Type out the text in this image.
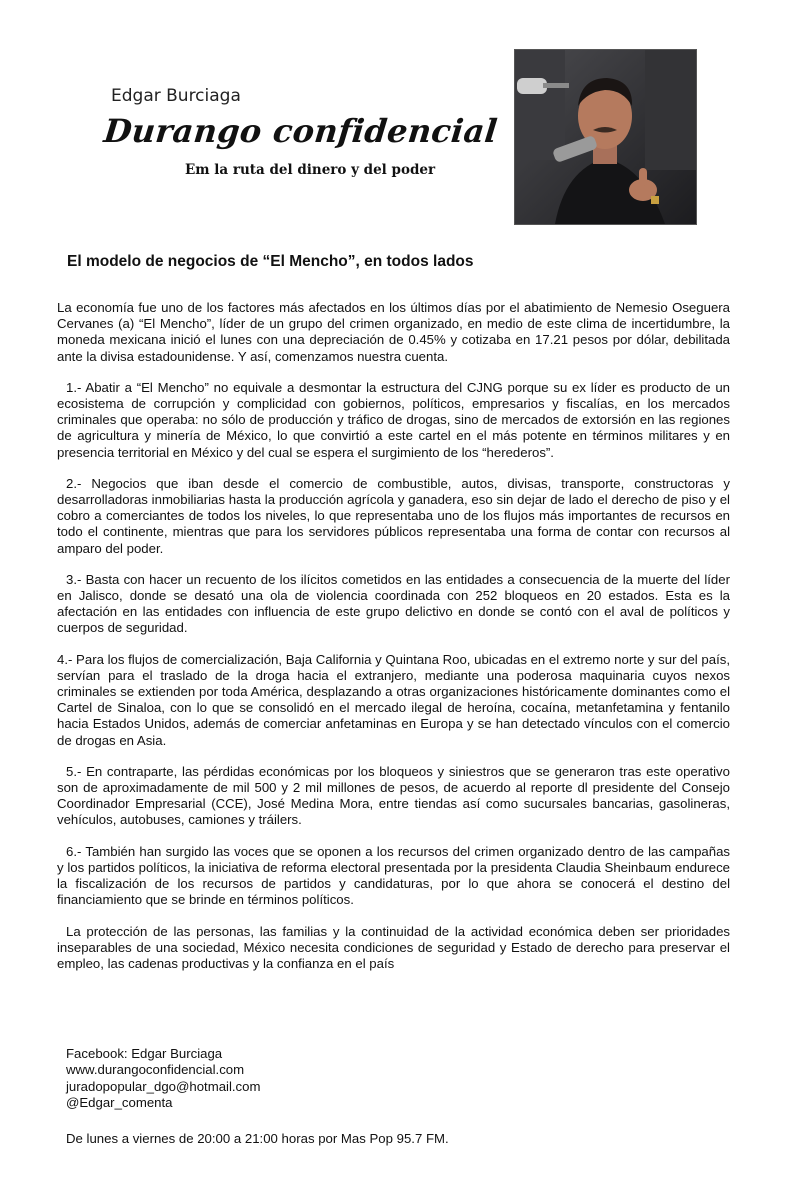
Edgar Burciaga
Durango confidencial
Em la ruta del dinero y del poder
El modelo de negocios de “El Mencho”, en todos lados

La economía fue uno de los factores más afectados en los últimos días por el abatimiento de Nemesio Oseguera Cervanes (a) “El Mencho”, líder de un grupo del crimen organizado, en medio de este clima de incertidumbre, la moneda mexicana inició el lunes con una depreciación de 0.45% y cotizaba en 17.21 pesos por dólar, debilitada ante la divisa estadounidense. Y así, comenzamos nuestra cuenta.

1.- Abatir a “El Mencho” no equivale a desmontar la estructura del CJNG porque su ex líder es producto de un ecosistema de corrupción y complicidad con gobiernos, políticos, empresarios y fiscalías, en los mercados criminales que operaba: no sólo de producción y tráfico de drogas, sino de mercados de extorsión en las regiones de agricultura y minería de México, lo que convirtió a este cartel en el más potente en términos militares y en presencia territorial en México y del cual se espera el surgimiento de los “herederos”.

2.- Negocios que iban desde el comercio de combustible, autos, divisas, transporte, constructoras y desarrolladoras inmobiliarias hasta la producción agrícola y ganadera, eso sin dejar de lado el derecho de piso y el cobro a comerciantes de todos los niveles, lo que representaba uno de los flujos más importantes de recursos en todo el continente, mientras que para los servidores públicos representaba una forma de contar con recursos al amparo del poder.

3.- Basta con hacer un recuento de los ilícitos cometidos en las entidades a consecuencia de la muerte del líder en Jalisco, donde se desató una ola de violencia coordinada con 252 bloqueos en 20 estados. Esta es la afectación en las entidades con influencia de este grupo delictivo en donde se contó con el aval de políticos y cuerpos de seguridad.

4.- Para los flujos de comercialización, Baja California y Quintana Roo, ubicadas en el extremo norte y sur del país, servían para el traslado de la droga hacia el extranjero, mediante una poderosa maquinaria cuyos nexos criminales se extienden por toda América, desplazando a otras organizaciones históricamente dominantes como el Cartel de Sinaloa, con lo que se consolidó en el mercado ilegal de heroína, cocaína, metanfetamina y fentanilo hacia Estados Unidos, además de comerciar anfetaminas en Europa y se han detectado vínculos con el comercio de drogas en Asia.

5.- En contraparte, las pérdidas económicas por los bloqueos y siniestros que se generaron tras este operativo son de aproximadamente de mil 500 y 2 mil millones de pesos, de acuerdo al reporte dl presidente del Consejo Coordinador Empresarial (CCE), José Medina Mora, entre tiendas así como sucursales bancarias, gasolineras, vehículos, autobuses, camiones y tráilers.

6.- También han surgido las voces que se oponen a los recursos del crimen organizado dentro de las campañas y los partidos políticos, la iniciativa de reforma electoral presentada por la presidenta Claudia Sheinbaum endurece la fiscalización de los recursos de partidos y candidaturas, por lo que ahora se conocerá el destino del financiamiento que se brinde en términos políticos.

La protección de las personas, las familias y la continuidad de la actividad económica deben ser prioridades inseparables de una sociedad, México necesita condiciones de seguridad y Estado de derecho para preservar el empleo, las cadenas productivas y la confianza en el país

Facebook: Edgar Burciaga
www.durangoconfidencial.com
juradopopular_dgo@hotmail.com
@Edgar_comenta
De lunes a viernes de 20:00 a 21:00 horas por Mas Pop 95.7 FM.
